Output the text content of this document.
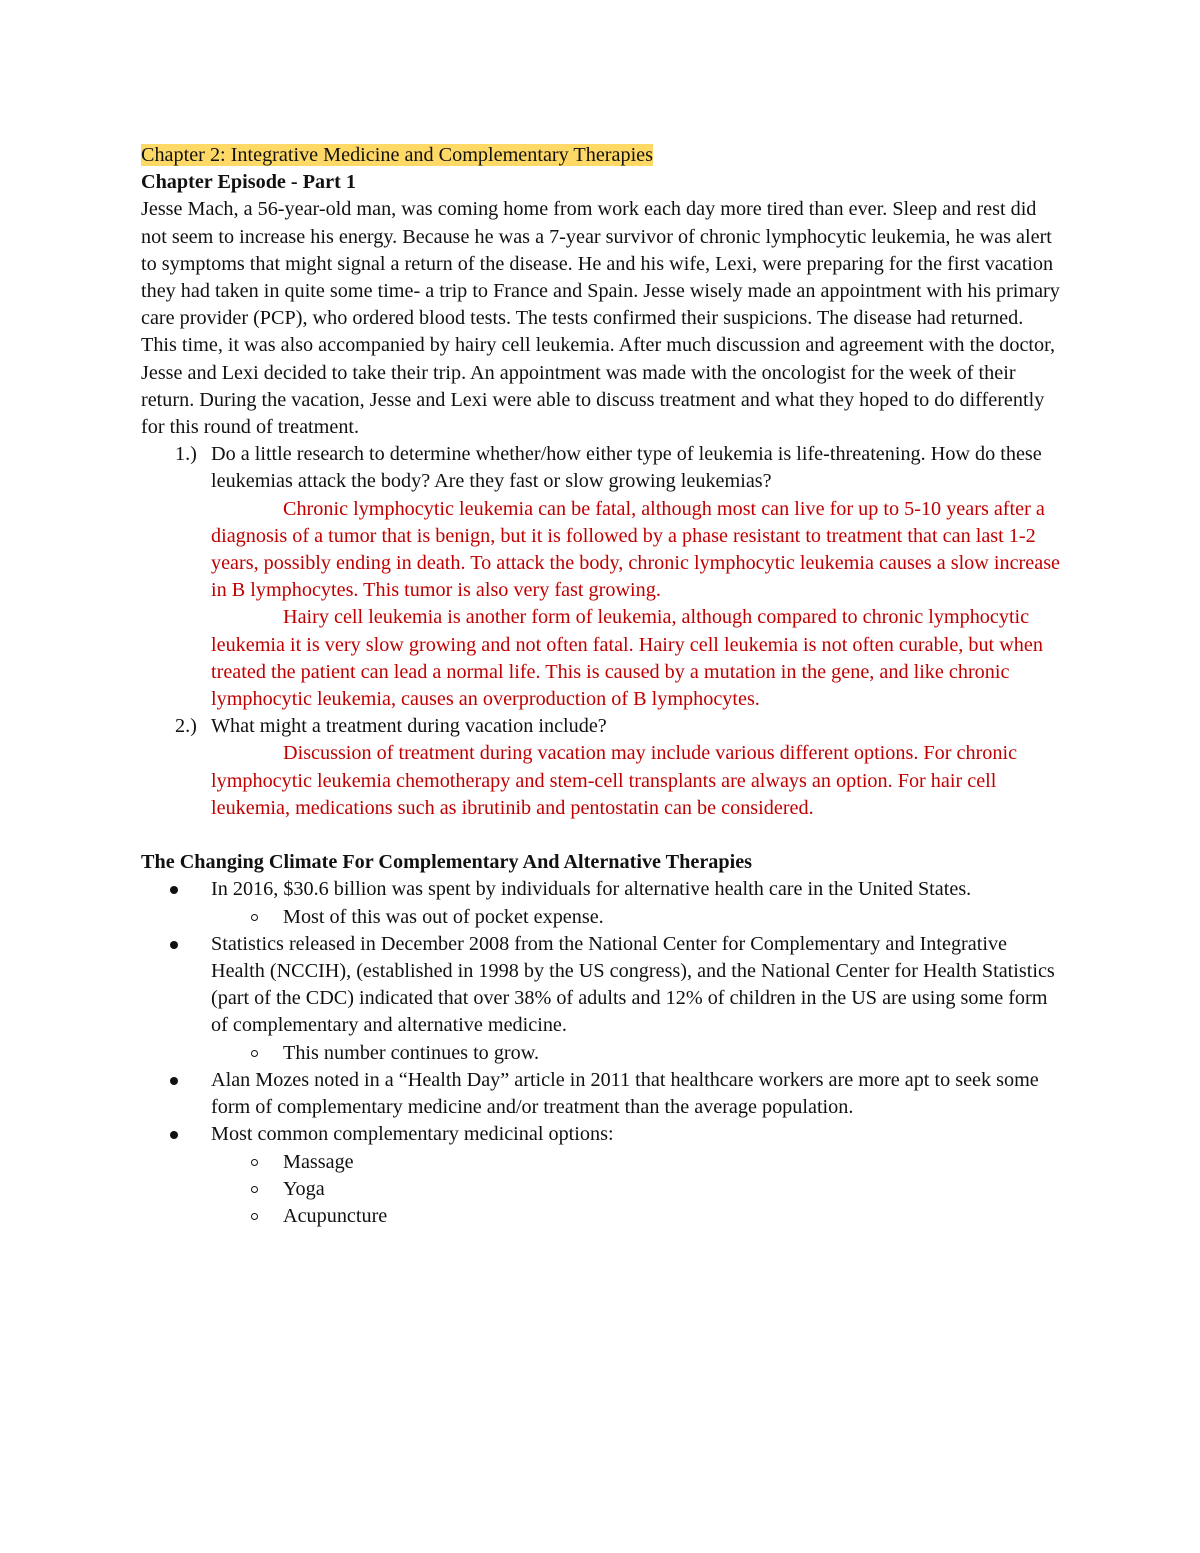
Chapter 2: Integrative Medicine and Complementary Therapies

Chapter Episode - Part 1

Jesse Mach, a 56-year-old man, was coming home from work each day more tired than ever. Sleep and rest did not seem to increase his energy. Because he was a 7-year survivor of chronic lymphocytic leukemia, he was alert to symptoms that might signal a return of the disease. He and his wife, Lexi, were preparing for the first vacation they had taken in quite some time- a trip to France and Spain. Jesse wisely made an appointment with his primary care provider (PCP), who ordered blood tests. The tests confirmed their suspicions. The disease had returned. This time, it was also accompanied by hairy cell leukemia. After much discussion and agreement with the doctor, Jesse and Lexi decided to take their trip. An appointment was made with the oncologist for the week of their return. During the vacation, Jesse and Lexi were able to discuss treatment and what they hoped to do differently for this round of treatment.

1.) Do a little research to determine whether/how either type of leukemia is life-threatening. How do these leukemias attack the body? Are they fast or slow growing leukemias?

Chronic lymphocytic leukemia can be fatal, although most can live for up to 5-10 years after a diagnosis of a tumor that is benign, but it is followed by a phase resistant to treatment that can last 1-2 years, possibly ending in death. To attack the body, chronic lymphocytic leukemia causes a slow increase in B lymphocytes. This tumor is also very fast growing.

Hairy cell leukemia is another form of leukemia, although compared to chronic lymphocytic leukemia it is very slow growing and not often fatal. Hairy cell leukemia is not often curable, but when treated the patient can lead a normal life. This is caused by a mutation in the gene, and like chronic lymphocytic leukemia, causes an overproduction of B lymphocytes.

2.) What might a treatment during vacation include?

Discussion of treatment during vacation may include various different options. For chronic lymphocytic leukemia chemotherapy and stem-cell transplants are always an option. For hair cell leukemia, medications such as ibrutinib and pentostatin can be considered.

The Changing Climate For Complementary And Alternative Therapies

In 2016, $30.6 billion was spent by individuals for alternative health care in the United States.
Most of this was out of pocket expense.
Statistics released in December 2008 from the National Center for Complementary and Integrative Health (NCCIH), (established in 1998 by the US congress), and the National Center for Health Statistics (part of the CDC) indicated that over 38% of adults and 12% of children in the US are using some form of complementary and alternative medicine.
This number continues to grow.
Alan Mozes noted in a “Health Day” article in 2011 that healthcare workers are more apt to seek some form of complementary medicine and/or treatment than the average population.
Most common complementary medicinal options:
Massage
Yoga
Acupuncture
